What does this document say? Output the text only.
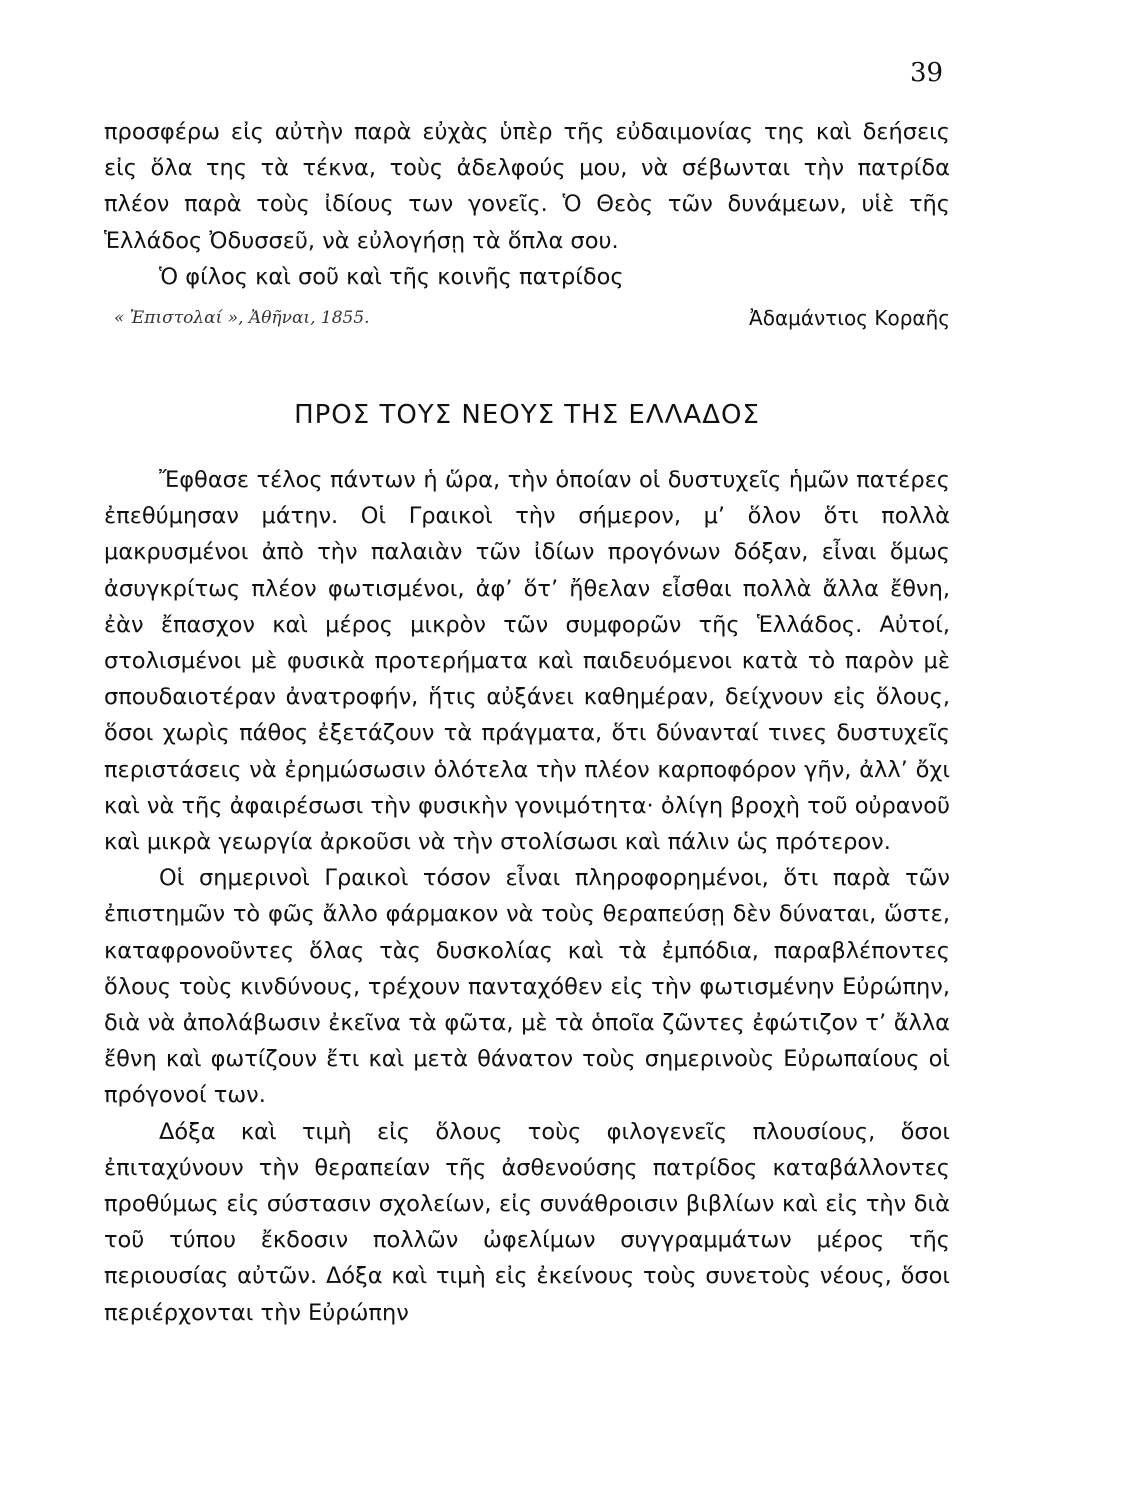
39

προσφέρω εἰς αὐτὴν παρὰ εὐχὰς ὑπὲρ τῆς εὐδαιμονίας της καὶ δεήσεις εἰς ὅλα της τὰ τέκνα, τοὺς ἀδελφούς μου, νὰ σέβωνται τὴν πατρίδα πλέον παρὰ τοὺς ἰδίους των γονεῖς. Ὁ Θεὸς τῶν δυνάμεων, υἱὲ τῆς Ἑλλάδος Ὀδυσσεῦ, νὰ εὐλογήσῃ τὰ ὅπλα σου.

Ὁ φίλος καὶ σοῦ καὶ τῆς κοινῆς πατρίδος

« Ἐπιστολαί », Ἀθῆναι, 1855.	Ἀδαμάντιος Κοραῆς
ΠΡΟΣ ΤΟΥΣ ΝΕΟΥΣ ΤΗΣ ΕΛΛΑΔΟΣ

Ἔφθασε τέλος πάντων ἡ ὥρα, τὴν ὁποίαν οἱ δυστυχεῖς ἡμῶν πατέρες ἐπεθύμησαν μάτην. Οἱ Γραικοὶ τὴν σήμερον, μ’ ὅλον ὅτι πολλὰ μακρυσμένοι ἀπὸ τὴν παλαιὰν τῶν ἰδίων προγόνων δόξαν, εἶναι ὅμως ἀσυγκρίτως πλέον φωτισμένοι, ἀφ’ ὅτ’ ἤθελαν εἶσθαι πολλὰ ἄλλα ἔθνη, ἐὰν ἔπασχον καὶ μέρος μικρὸν τῶν συμφορῶν τῆς Ἑλλάδος. Αὐτοί, στολισμένοι μὲ φυσικὰ προτερήματα καὶ παιδευόμενοι κατὰ τὸ παρὸν μὲ σπουδαιοτέραν ἀνατροφήν, ἥτις αὐξάνει καθημέραν, δείχνουν εἰς ὅλους, ὅσοι χωρὶς πάθος ἐξετάζουν τὰ πράγματα, ὅτι δύνανταί τινες δυστυχεῖς περιστάσεις νὰ ἐρημώσωσιν ὁλότελα τὴν πλέον καρποφόρον γῆν, ἀλλ’ ὄχι καὶ νὰ τῆς ἀφαιρέσωσι τὴν φυσικὴν γονιμότητα· ὀλίγη βροχὴ τοῦ οὐρανοῦ καὶ μικρὰ γεωργία ἀρκοῦσι νὰ τὴν στολίσωσι καὶ πάλιν ὡς πρότερον.

Οἱ σημερινοὶ Γραικοὶ τόσον εἶναι πληροφορημένοι, ὅτι παρὰ τῶν ἐπιστημῶν τὸ φῶς ἄλλο φάρμακον νὰ τοὺς θεραπεύσῃ δὲν δύναται, ὥστε, καταφρονοῦντες ὅλας τὰς δυσκολίας καὶ τὰ ἐμπόδια, παραβλέποντες ὅλους τοὺς κινδύνους, τρέχουν πανταχόθεν εἰς τὴν φωτισμένην Εὐρώπην, διὰ νὰ ἀπολάβωσιν ἐκεῖνα τὰ φῶτα, μὲ τὰ ὁποῖα ζῶντες ἐφώτιζον τ’ ἄλλα ἔθνη καὶ φωτίζουν ἔτι καὶ μετὰ θάνατον τοὺς σημερινοὺς Εὐρωπαίους οἱ πρόγονοί των.

Δόξα καὶ τιμὴ εἰς ὅλους τοὺς φιλογενεῖς πλουσίους, ὅσοι ἐπιταχύνουν τὴν θεραπείαν τῆς ἀσθενούσης πατρίδος καταβάλλοντες προθύμως εἰς σύστασιν σχολείων, εἰς συνάθροισιν βιβλίων καὶ εἰς τὴν διὰ τοῦ τύπου ἔκδοσιν πολλῶν ὠφελίμων συγγραμμάτων μέρος τῆς περιουσίας αὐτῶν. Δόξα καὶ τιμὴ εἰς ἐκείνους τοὺς συνετοὺς νέους, ὅσοι περιέρχονται τὴν Εὐρώπην
